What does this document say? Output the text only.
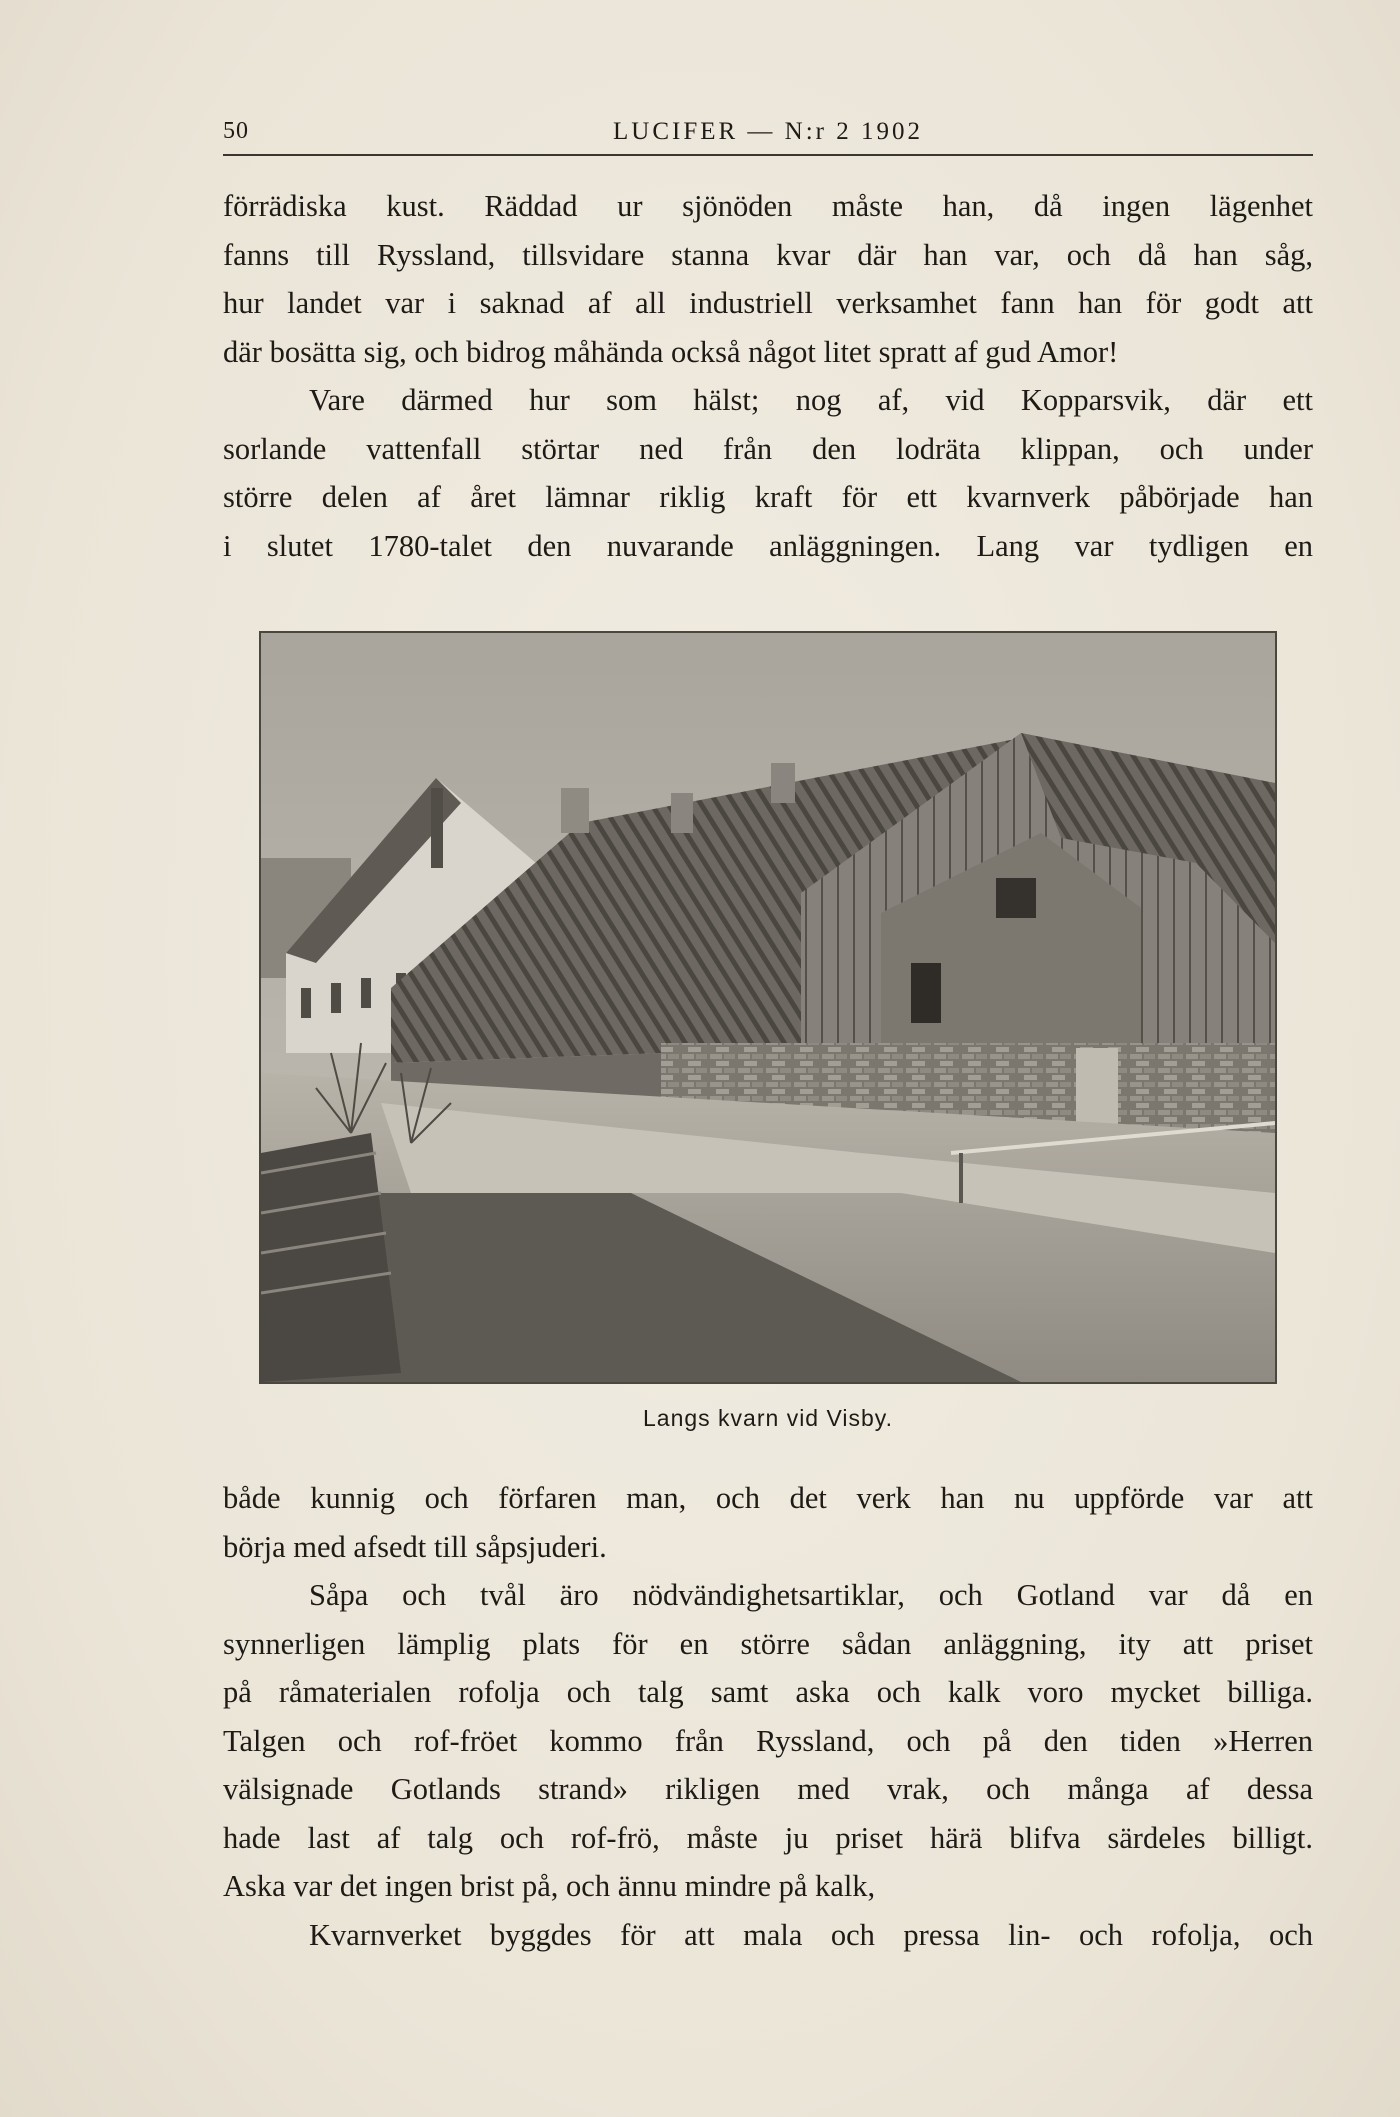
50	LUCIFER — N:r 2 1902

förrädiska kust. Räddad ur sjönöden måste han, då ingen lägenhet

fanns till Ryssland, tillsvidare stanna kvar där han var, och då han såg,

hur landet var i saknad af all industriell verksamhet fann han för godt att

där bosätta sig, och bidrog måhända också något litet spratt af gud Amor!

Vare därmed hur som hälst; nog af, vid Kopparsvik, där ett

sorlande vattenfall störtar ned från den lodräta klippan, och under

större delen af året lämnar riklig kraft för ett kvarnverk påbörjade han

i slutet 1780-talet den nuvarande anläggningen. Lang var tydligen en

Langs kvarn vid Visby.

både kunnig och förfaren man, och det verk han nu uppförde var att

börja med afsedt till såpsjuderi.

Såpa och tvål äro nödvändighetsartiklar, och Gotland var då en

synnerligen lämplig plats för en större sådan anläggning, ity att priset

på råmaterialen rofolja och talg samt aska och kalk voro mycket billiga.

Talgen och rof-fröet kommo från Ryssland, och på den tiden »Herren

välsignade Gotlands strand» rikligen med vrak, och många af dessa

hade last af talg och rof-frö, måste ju priset härä blifva särdeles billigt.

Aska var det ingen brist på, och ännu mindre på kalk,

Kvarnverket byggdes för att mala och pressa lin- och rofolja, och
